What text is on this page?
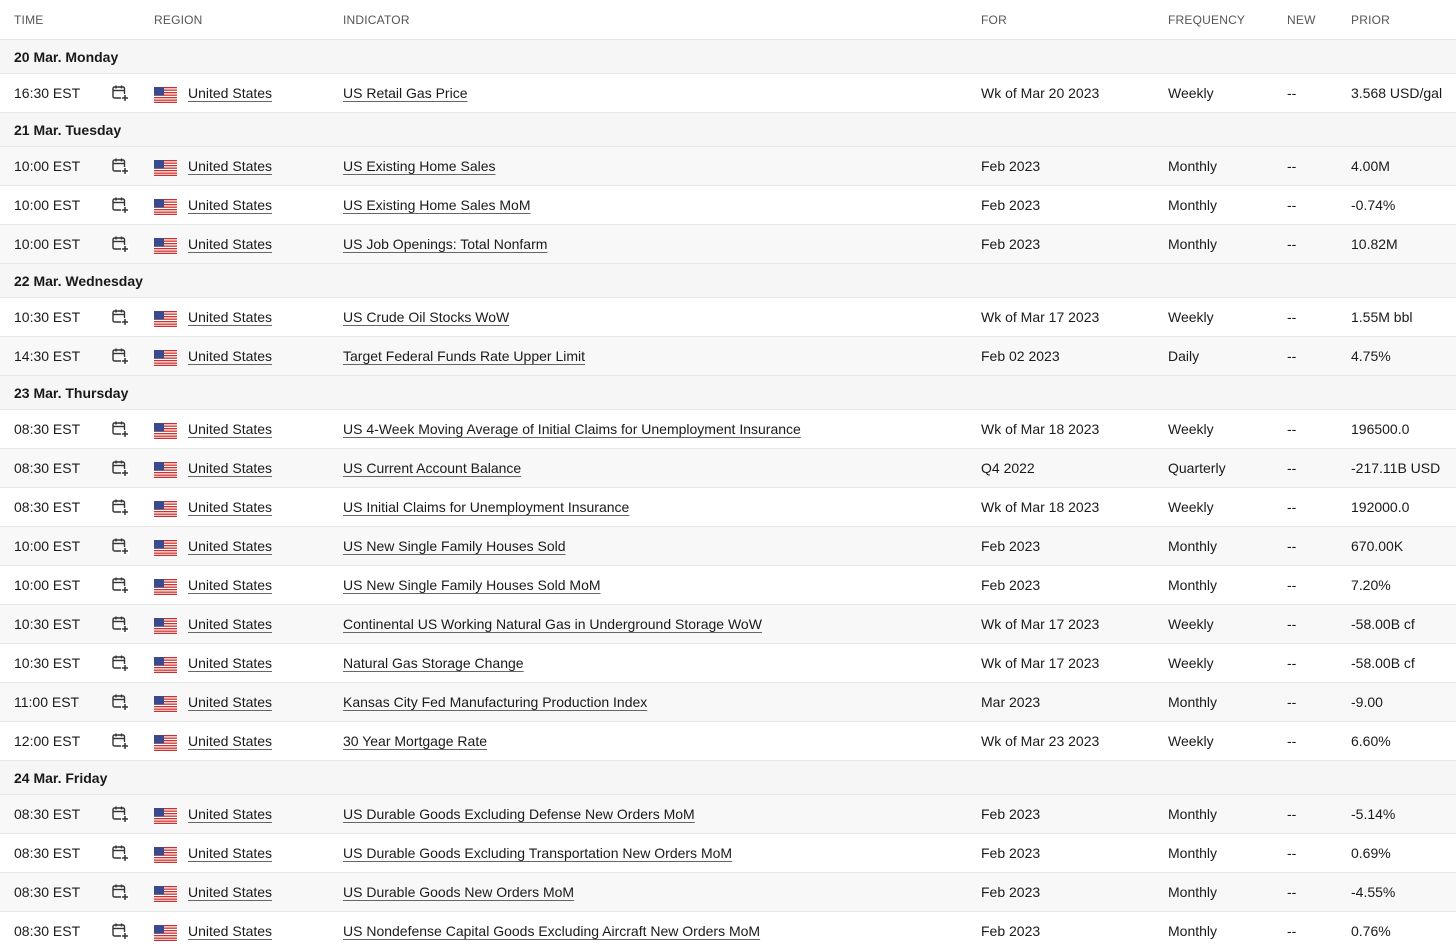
TIME	REGION	INDICATOR	FOR	FREQUENCY	NEW	PRIOR
20 Mar. Monday
16:30 EST	United States	US Retail Gas Price	Wk of Mar 20 2023	Weekly	--	3.568 USD/gal
21 Mar. Tuesday
10:00 EST	United States	US Existing Home Sales	Feb 2023	Monthly	--	4.00M
10:00 EST	United States	US Existing Home Sales MoM	Feb 2023	Monthly	--	-0.74%
10:00 EST	United States	US Job Openings: Total Nonfarm	Feb 2023	Monthly	--	10.82M
22 Mar. Wednesday
10:30 EST	United States	US Crude Oil Stocks WoW	Wk of Mar 17 2023	Weekly	--	1.55M bbl
14:30 EST	United States	Target Federal Funds Rate Upper Limit	Feb 02 2023	Daily	--	4.75%
23 Mar. Thursday
08:30 EST	United States	US 4-Week Moving Average of Initial Claims for Unemployment Insurance	Wk of Mar 18 2023	Weekly	--	196500.0
08:30 EST	United States	US Current Account Balance	Q4 2022	Quarterly	--	-217.11B USD
08:30 EST	United States	US Initial Claims for Unemployment Insurance	Wk of Mar 18 2023	Weekly	--	192000.0
10:00 EST	United States	US New Single Family Houses Sold	Feb 2023	Monthly	--	670.00K
10:00 EST	United States	US New Single Family Houses Sold MoM	Feb 2023	Monthly	--	7.20%
10:30 EST	United States	Continental US Working Natural Gas in Underground Storage WoW	Wk of Mar 17 2023	Weekly	--	-58.00B cf
10:30 EST	United States	Natural Gas Storage Change	Wk of Mar 17 2023	Weekly	--	-58.00B cf
11:00 EST	United States	Kansas City Fed Manufacturing Production Index	Mar 2023	Monthly	--	-9.00
12:00 EST	United States	30 Year Mortgage Rate	Wk of Mar 23 2023	Weekly	--	6.60%
24 Mar. Friday
08:30 EST	United States	US Durable Goods Excluding Defense New Orders MoM	Feb 2023	Monthly	--	-5.14%
08:30 EST	United States	US Durable Goods Excluding Transportation New Orders MoM	Feb 2023	Monthly	--	0.69%
08:30 EST	United States	US Durable Goods New Orders MoM	Feb 2023	Monthly	--	-4.55%
08:30 EST	United States	US Nondefense Capital Goods Excluding Aircraft New Orders MoM	Feb 2023	Monthly	--	0.76%
